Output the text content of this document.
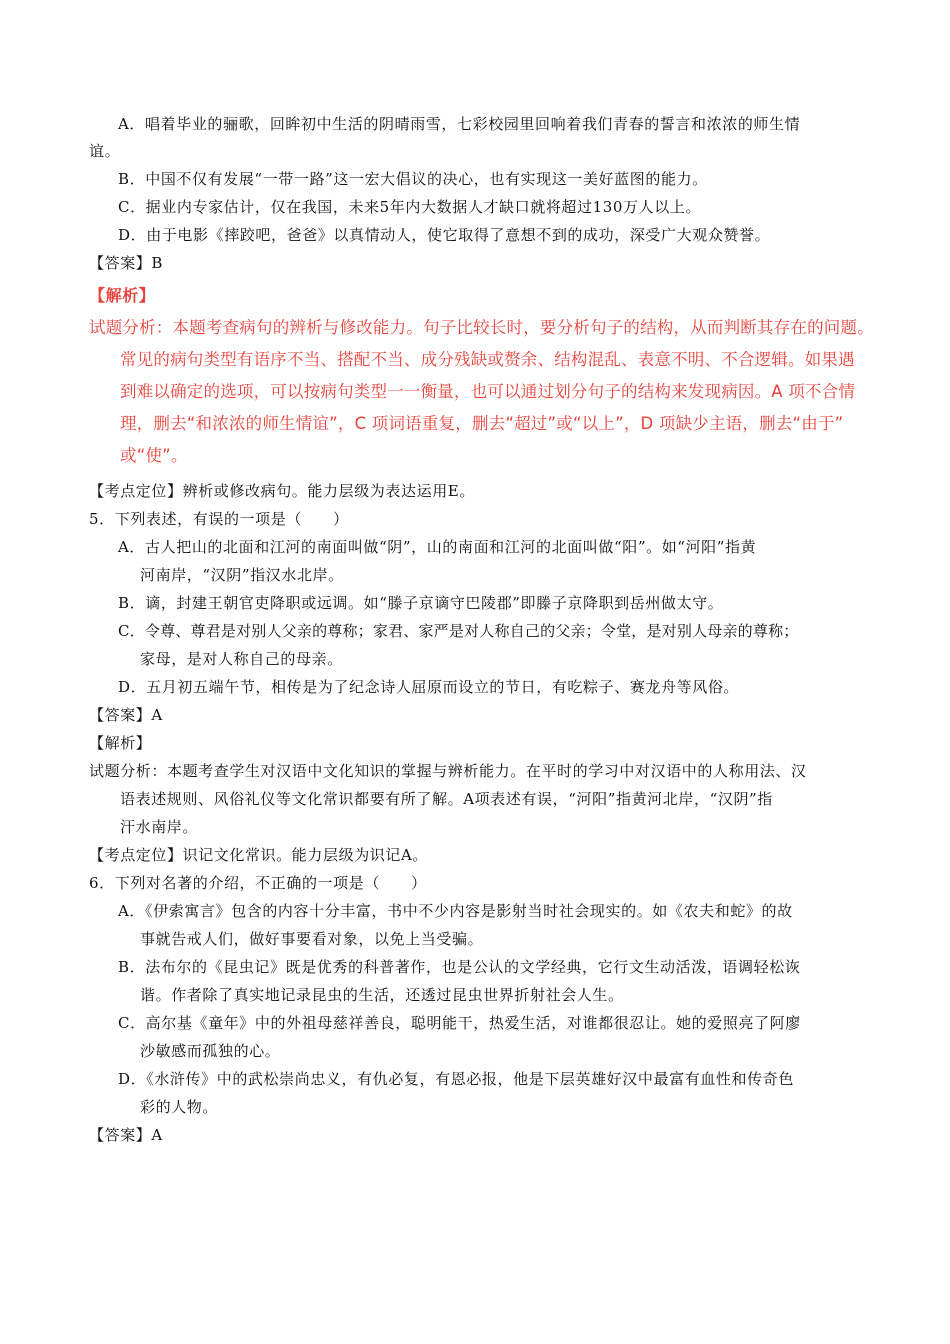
A．唱着毕业的骊歌，回眸初中生活的阴晴雨雪，七彩校园里回响着我们青春的誓言和浓浓的师生情
谊。
B．中国不仅有发展“一带一路”这一宏大倡议的决心，也有实现这一美好蓝图的能力。
C．据业内专家估计，仅在我国，未来5年内大数据人才缺口就将超过130万人以上。
D．由于电影《摔跤吧，爸爸》以真情动人，使它取得了意想不到的成功，深受广大观众赞誉。
【答案】B
【解析】
试题分析：本题考查病句的辨析与修改能力。句子比较长时，要分析句子的结构，从而判断其存在的问题。
常见的病句类型有语序不当、搭配不当、成分残缺或赘余、结构混乱、表意不明、不合逻辑。如果遇
到难以确定的选项，可以按病句类型一一衡量，也可以通过划分句子的结构来发现病因。A 项不合情
理，删去“和浓浓的师生情谊”，C 项词语重复，删去“超过”或“以上”，D 项缺少主语，删去“由于”
或“使”。
【考点定位】辨析或修改病句。能力层级为表达运用E。
5．下列表述，有误的一项是（　　）
A．古人把山的北面和江河的南面叫做“阴”，山的南面和江河的北面叫做“阳”。如“河阳”指黄
河南岸，“汉阴”指汉水北岸。
B．谪，封建王朝官吏降职或远调。如“滕子京谪守巴陵郡”即滕子京降职到岳州做太守。
C．令尊、尊君是对别人父亲的尊称；家君、家严是对人称自己的父亲；令堂，是对别人母亲的尊称；
家母，是对人称自己的母亲。
D．五月初五端午节，相传是为了纪念诗人屈原而设立的节日，有吃粽子、赛龙舟等风俗。
【答案】A
【解析】
试题分析：本题考查学生对汉语中文化知识的掌握与辨析能力。在平时的学习中对汉语中的人称用法、汉
语表述规则、风俗礼仪等文化常识都要有所了解。A项表述有误，“河阳”指黄河北岸，“汉阴”指
汗水南岸。
【考点定位】识记文化常识。能力层级为识记A。
6．下列对名著的介绍，不正确的一项是（　　）
A．《伊索寓言》包含的内容十分丰富，书中不少内容是影射当时社会现实的。如《农夫和蛇》的故
事就告戒人们，做好事要看对象，以免上当受骗。
B．法布尔的《昆虫记》既是优秀的科普著作，也是公认的文学经典，它行文生动活泼，语调轻松诙
谐。作者除了真实地记录昆虫的生活，还透过昆虫世界折射社会人生。
C．高尔基《童年》中的外祖母慈祥善良，聪明能干，热爱生活，对谁都很忍让。她的爱照亮了阿廖
沙敏感而孤独的心。
D．《水浒传》中的武松崇尚忠义，有仇必复，有恩必报，他是下层英雄好汉中最富有血性和传奇色
彩的人物。
【答案】A
